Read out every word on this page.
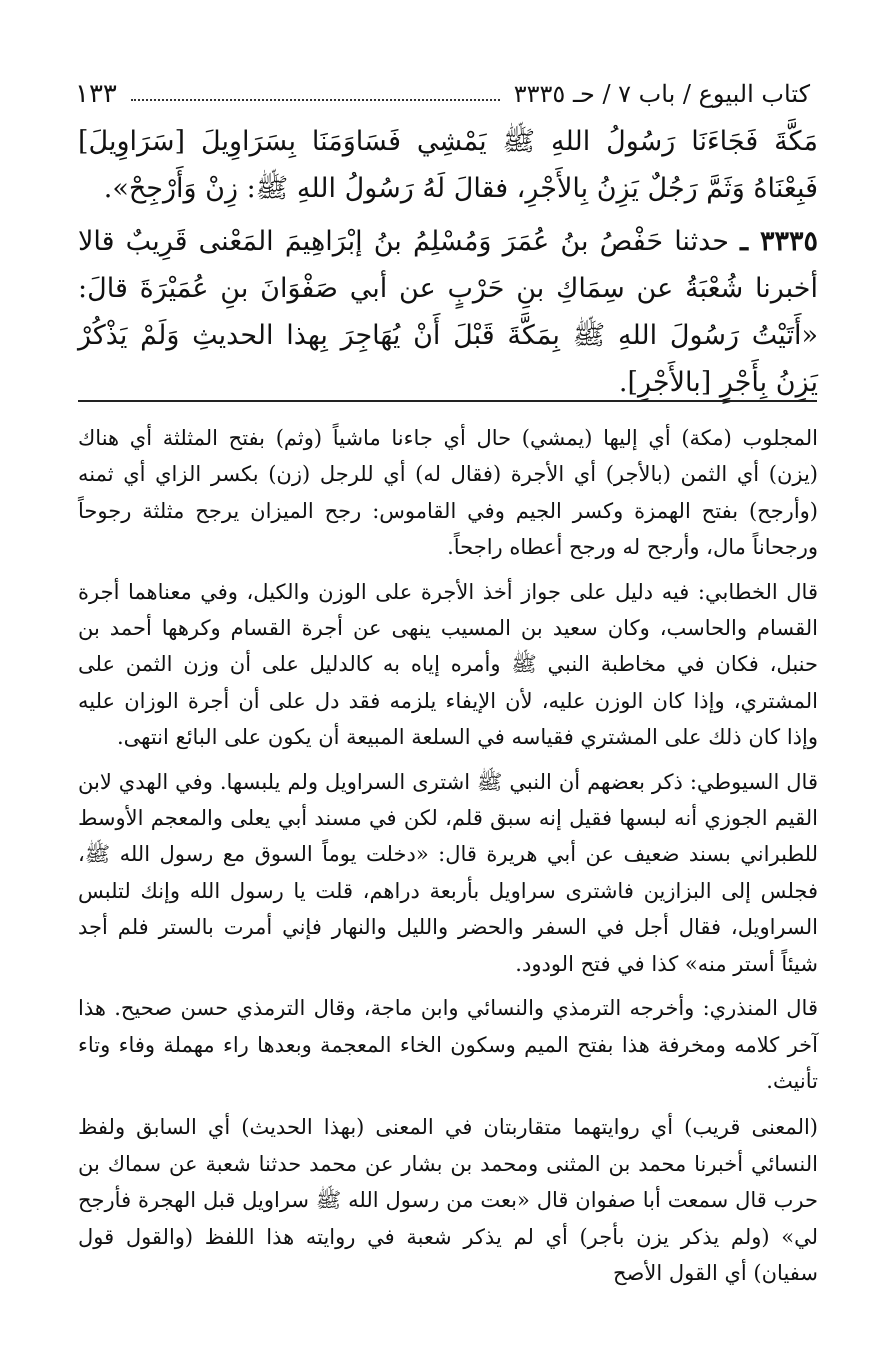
كتاب البيوع / باب ٧ / حـ ٣٣٣٥
١٣٣

مَكَّةَ فَجَاءَنَا رَسُولُ اللهِ ﷺ يَمْشِي فَسَاوَمَنَا بِسَرَاوِيلَ [سَرَاوِيلَ] فَبِعْنَاهُ وَثَمَّ رَجُلٌ يَزِنُ بِالأَجْرِ، فقالَ لَهُ رَسُولُ اللهِ ﷺ: زِنْ وَأَرْجِحْ».

٣٣٣٥ ـ حدثنا حَفْصُ بنُ عُمَرَ وَمُسْلِمُ بنُ إبْرَاهِيمَ المَعْنى قَرِيبٌ قالا أخبرنا شُعْبَةُ عن سِمَاكِ بنِ حَرْبٍ عن أبي صَفْوَانَ بنِ عُمَيْرَةَ قالَ: «أَتَيْتُ رَسُولَ اللهِ ﷺ بِمَكَّةَ قَبْلَ أَنْ يُهَاجِرَ بِهذا الحديثِ وَلَمْ يَذْكُرْ يَزِنُ بِأَجْرٍ [بالأَجْرِ].

المجلوب (مكة) أي إليها (يمشي) حال أي جاءنا ماشياً (وثم) بفتح المثلثة أي هناك (يزن) أي الثمن (بالأجر) أي الأجرة (فقال له) أي للرجل (زن) بكسر الزاي أي ثمنه (وأرجح) بفتح الهمزة وكسر الجيم وفي القاموس: رجح الميزان يرجح مثلثة رجوحاً ورجحاناً مال، وأرجح له ورجح أعطاه راجحاً.

قال الخطابي: فيه دليل على جواز أخذ الأجرة على الوزن والكيل، وفي معناهما أجرة القسام والحاسب، وكان سعيد بن المسيب ينهى عن أجرة القسام وكرهها أحمد بن حنبل، فكان في مخاطبة النبي ﷺ وأمره إياه به كالدليل على أن وزن الثمن على المشتري، وإذا كان الوزن عليه، لأن الإيفاء يلزمه فقد دل على أن أجرة الوزان عليه وإذا كان ذلك على المشتري فقياسه في السلعة المبيعة أن يكون على البائع انتهى.

قال السيوطي: ذكر بعضهم أن النبي ﷺ اشترى السراويل ولم يلبسها. وفي الهدي لابن القيم الجوزي أنه لبسها فقيل إنه سبق قلم، لكن في مسند أبي يعلى والمعجم الأوسط للطبراني بسند ضعيف عن أبي هريرة قال: «دخلت يوماً السوق مع رسول الله ﷺ، فجلس إلى البزازين فاشترى سراويل بأربعة دراهم، قلت يا رسول الله وإنك لتلبس السراويل، فقال أجل في السفر والحضر والليل والنهار فإني أمرت بالستر فلم أجد شيئاً أستر منه» كذا في فتح الودود.

قال المنذري: وأخرجه الترمذي والنسائي وابن ماجة، وقال الترمذي حسن صحيح. هذا آخر كلامه ومخرفة هذا بفتح الميم وسكون الخاء المعجمة وبعدها راء مهملة وفاء وتاء تأنيث.

(المعنى قريب) أي روايتهما متقاربتان في المعنى (بهذا الحديث) أي السابق ولفظ النسائي أخبرنا محمد بن المثنى ومحمد بن بشار عن محمد حدثنا شعبة عن سماك بن حرب قال سمعت أبا صفوان قال «بعت من رسول الله ﷺ سراويل قبل الهجرة فأرجح لي» (ولم يذكر يزن بأجر) أي لم يذكر شعبة في روايته هذا اللفظ (والقول قول سفيان) أي القول الأصح
